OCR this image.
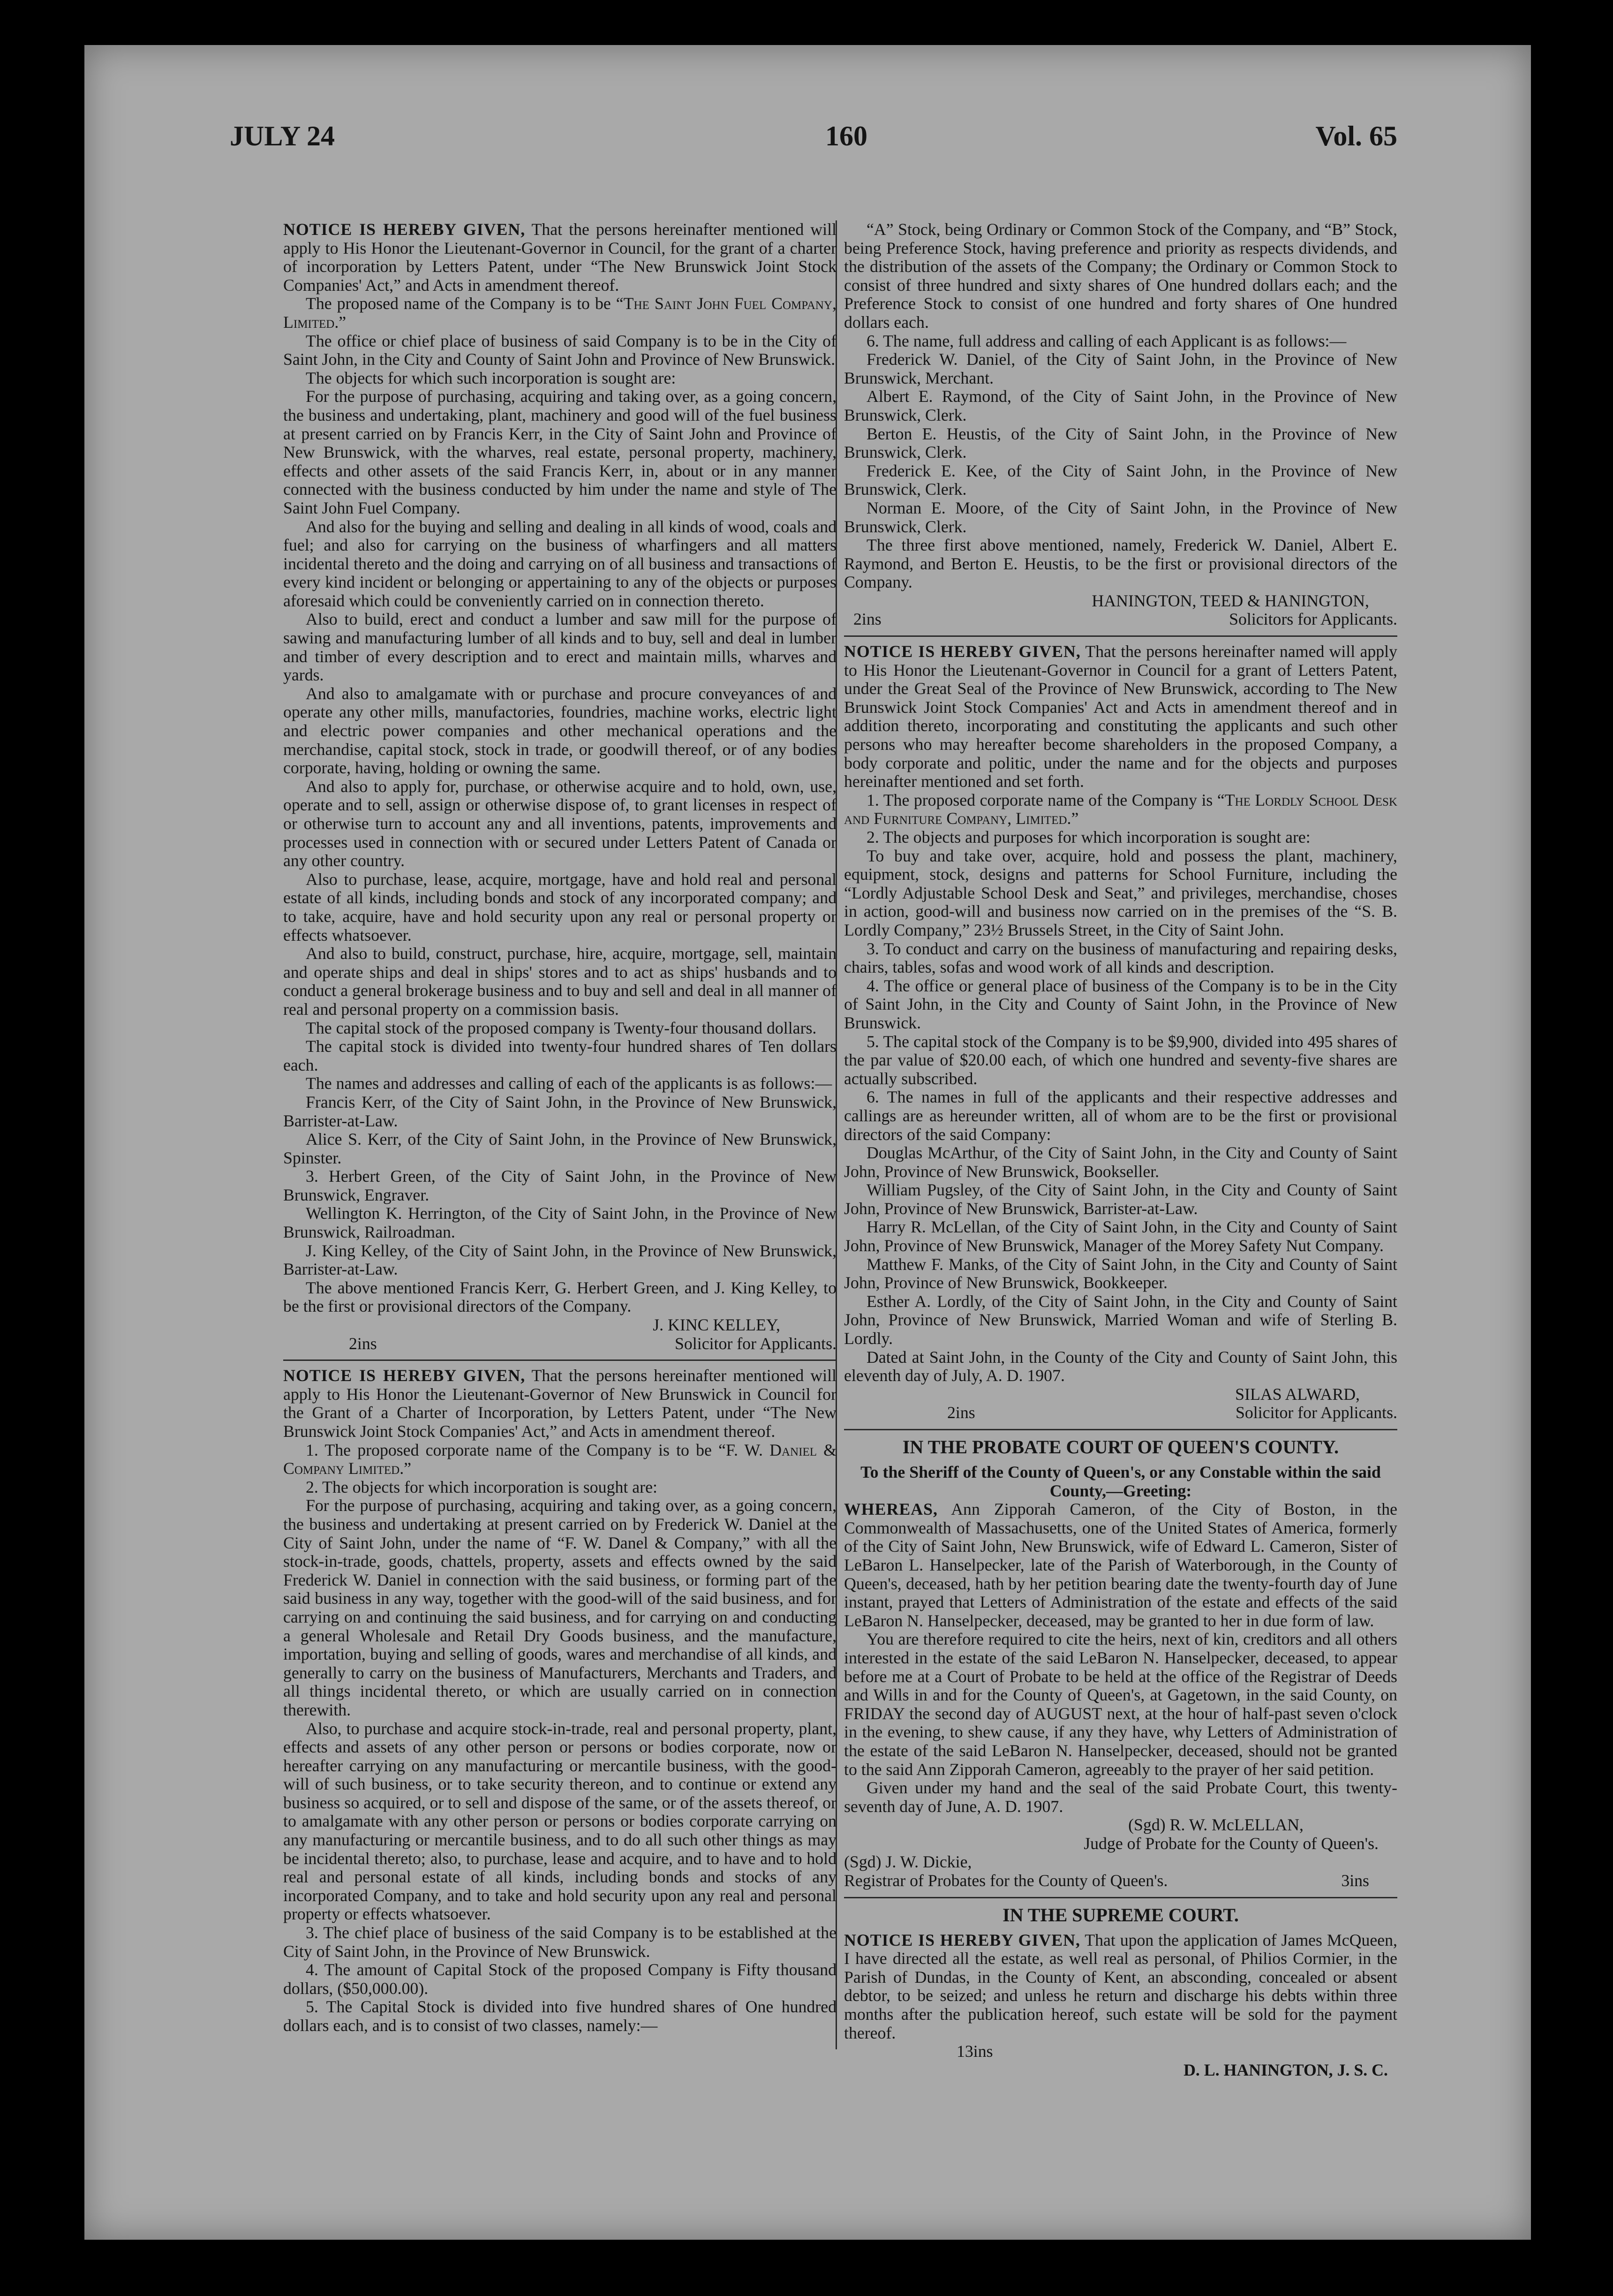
JULY 24	160	Vol. 65

NOTICE IS HEREBY GIVEN, That the persons hereinafter mentioned will apply to His Honor the Lieutenant-Governor in Council, for the grant of a charter of incorporation by Letters Patent, under “The New Brunswick Joint Stock Companies' Act,” and Acts in amendment thereof.

The proposed name of the Company is to be “The Saint John Fuel Company, Limited.”

The office or chief place of business of said Company is to be in the City of Saint John, in the City and County of Saint John and Province of New Brunswick.

The objects for which such incorporation is sought are:

For the purpose of purchasing, acquiring and taking over, as a going concern, the business and undertaking, plant, machinery and good will of the fuel business at present carried on by Francis Kerr, in the City of Saint John and Province of New Brunswick, with the wharves, real estate, personal property, machinery, effects and other assets of the said Francis Kerr, in, about or in any manner connected with the business conducted by him under the name and style of The Saint John Fuel Company.

And also for the buying and selling and dealing in all kinds of wood, coals and fuel; and also for carrying on the business of wharfingers and all matters incidental thereto and the doing and carrying on of all business and transactions of every kind incident or belonging or appertaining to any of the objects or purposes aforesaid which could be conveniently carried on in connection thereto.

Also to build, erect and conduct a lumber and saw mill for the purpose of sawing and manufacturing lumber of all kinds and to buy, sell and deal in lumber and timber of every description and to erect and maintain mills, wharves and yards.

And also to amalgamate with or purchase and procure conveyances of and operate any other mills, manufactories, foundries, machine works, electric light and electric power companies and other mechanical operations and the merchandise, capital stock, stock in trade, or goodwill thereof, or of any bodies corporate, having, holding or owning the same.

And also to apply for, purchase, or otherwise acquire and to hold, own, use, operate and to sell, assign or otherwise dispose of, to grant licenses in respect of or otherwise turn to account any and all inventions, patents, improvements and processes used in connection with or secured under Letters Patent of Canada or any other country.

Also to purchase, lease, acquire, mortgage, have and hold real and personal estate of all kinds, including bonds and stock of any incorporated company; and to take, acquire, have and hold security upon any real or personal property or effects whatsoever.

And also to build, construct, purchase, hire, acquire, mortgage, sell, maintain and operate ships and deal in ships' stores and to act as ships' husbands and to conduct a general brokerage business and to buy and sell and deal in all manner of real and personal property on a commission basis.

The capital stock of the proposed company is Twenty-four thousand dollars.

The capital stock is divided into twenty-four hundred shares of Ten dollars each.

The names and addresses and calling of each of the applicants is as follows:—

Francis Kerr, of the City of Saint John, in the Province of New Brunswick, Barrister-at-Law.

Alice S. Kerr, of the City of Saint John, in the Province of New Brunswick, Spinster.

3. Herbert Green, of the City of Saint John, in the Province of New Brunswick, Engraver.

Wellington K. Herrington, of the City of Saint John, in the Province of New Brunswick, Railroadman.

J. King Kelley, of the City of Saint John, in the Province of New Brunswick, Barrister-at-Law.

The above mentioned Francis Kerr, G. Herbert Green, and J. King Kelley, to be the first or provisional directors of the Company.

J. KINC KELLEY,

2ins	Solicitor for Applicants.

NOTICE IS HEREBY GIVEN, That the persons hereinafter mentioned will apply to His Honor the Lieutenant-Governor of New Brunswick in Council for the Grant of a Charter of Incorporation, by Letters Patent, under “The New Brunswick Joint Stock Companies' Act,” and Acts in amendment thereof.

1. The proposed corporate name of the Company is to be “F. W. Daniel & Company Limited.”

2. The objects for which incorporation is sought are:

For the purpose of purchasing, acquiring and taking over, as a going concern, the business and undertaking at present carried on by Frederick W. Daniel at the City of Saint John, under the name of “F. W. Danel & Company,” with all the stock-in-trade, goods, chattels, property, assets and effects owned by the said Frederick W. Daniel in connection with the said business, or forming part of the said business in any way, together with the good-will of the said business, and for carrying on and continuing the said business, and for carrying on and conducting a general Wholesale and Retail Dry Goods business, and the manufacture, importation, buying and selling of goods, wares and merchandise of all kinds, and generally to carry on the business of Manufacturers, Merchants and Traders, and all things incidental thereto, or which are usually carried on in connection therewith.

Also, to purchase and acquire stock-in-trade, real and personal property, plant, effects and assets of any other person or persons or bodies corporate, now or hereafter carrying on any manufacturing or mercantile business, with the good-will of such business, or to take security thereon, and to continue or extend any business so acquired, or to sell and dispose of the same, or of the assets thereof, or to amalgamate with any other person or persons or bodies corporate carrying on any manufacturing or mercantile business, and to do all such other things as may be incidental thereto; also, to purchase, lease and acquire, and to have and to hold real and personal estate of all kinds, including bonds and stocks of any incorporated Company, and to take and hold security upon any real and personal property or effects whatsoever.

3. The chief place of business of the said Company is to be established at the City of Saint John, in the Province of New Brunswick.

4. The amount of Capital Stock of the proposed Company is Fifty thousand dollars, ($50,000.00).

5. The Capital Stock is divided into five hundred shares of One hundred dollars each, and is to consist of two classes, namely:—

“A” Stock, being Ordinary or Common Stock of the Company, and “B” Stock, being Preference Stock, having preference and priority as respects dividends, and the distribution of the assets of the Company; the Ordinary or Common Stock to consist of three hundred and sixty shares of One hundred dollars each; and the Preference Stock to consist of one hundred and forty shares of One hundred dollars each.

6. The name, full address and calling of each Applicant is as follows:—

Frederick W. Daniel, of the City of Saint John, in the Province of New Brunswick, Merchant.

Albert E. Raymond, of the City of Saint John, in the Province of New Brunswick, Clerk.

Berton E. Heustis, of the City of Saint John, in the Province of New Brunswick, Clerk.

Frederick E. Kee, of the City of Saint John, in the Province of New Brunswick, Clerk.

Norman E. Moore, of the City of Saint John, in the Province of New Brunswick, Clerk.

The three first above mentioned, namely, Frederick W. Daniel, Albert E. Raymond, and Berton E. Heustis, to be the first or provisional directors of the Company.

HANINGTON, TEED & HANINGTON,

2ins	Solicitors for Applicants.

NOTICE IS HEREBY GIVEN, That the persons hereinafter named will apply to His Honor the Lieutenant-Governor in Council for a grant of Letters Patent, under the Great Seal of the Province of New Brunswick, according to The New Brunswick Joint Stock Companies' Act and Acts in amendment thereof and in addition thereto, incorporating and constituting the applicants and such other persons who may hereafter become shareholders in the proposed Company, a body corporate and politic, under the name and for the objects and purposes hereinafter mentioned and set forth.

1. The proposed corporate name of the Company is “The Lordly School Desk and Furniture Company, Limited.”

2. The objects and purposes for which incorporation is sought are:

To buy and take over, acquire, hold and possess the plant, machinery, equipment, stock, designs and patterns for School Furniture, including the “Lordly Adjustable School Desk and Seat,” and privileges, merchandise, choses in action, good-will and business now carried on in the premises of the “S. B. Lordly Company,” 23½ Brussels Street, in the City of Saint John.

3. To conduct and carry on the business of manufacturing and repairing desks, chairs, tables, sofas and wood work of all kinds and description.

4. The office or general place of business of the Company is to be in the City of Saint John, in the City and County of Saint John, in the Province of New Brunswick.

5. The capital stock of the Company is to be $9,900, divided into 495 shares of the par value of $20.00 each, of which one hundred and seventy-five shares are actually subscribed.

6. The names in full of the applicants and their respective addresses and callings are as hereunder written, all of whom are to be the first or provisional directors of the said Company:

Douglas McArthur, of the City of Saint John, in the City and County of Saint John, Province of New Brunswick, Bookseller.

William Pugsley, of the City of Saint John, in the City and County of Saint John, Province of New Brunswick, Barrister-at-Law.

Harry R. McLellan, of the City of Saint John, in the City and County of Saint John, Province of New Brunswick, Manager of the Morey Safety Nut Company.

Matthew F. Manks, of the City of Saint John, in the City and County of Saint John, Province of New Brunswick, Bookkeeper.

Esther A. Lordly, of the City of Saint John, in the City and County of Saint John, Province of New Brunswick, Married Woman and wife of Sterling B. Lordly.

Dated at Saint John, in the County of the City and County of Saint John, this eleventh day of July, A. D. 1907.

SILAS ALWARD,

2ins	Solicitor for Applicants.
IN THE PROBATE COURT OF QUEEN'S COUNTY.

To the Sheriff of the County of Queen's, or any Constable within the said County,—Greeting:

WHEREAS, Ann Zipporah Cameron, of the City of Boston, in the Commonwealth of Massachusetts, one of the United States of America, formerly of the City of Saint John, New Brunswick, wife of Edward L. Cameron, Sister of LeBaron L. Hanselpecker, late of the Parish of Waterborough, in the County of Queen's, deceased, hath by her petition bearing date the twenty-fourth day of June instant, prayed that Letters of Administration of the estate and effects of the said LeBaron N. Hanselpecker, deceased, may be granted to her in due form of law.

You are therefore required to cite the heirs, next of kin, creditors and all others interested in the estate of the said LeBaron N. Hanselpecker, deceased, to appear before me at a Court of Probate to be held at the office of the Registrar of Deeds and Wills in and for the County of Queen's, at Gagetown, in the said County, on FRIDAY the second day of AUGUST next, at the hour of half-past seven o'clock in the evening, to shew cause, if any they have, why Letters of Administration of the estate of the said LeBaron N. Hanselpecker, deceased, should not be granted to the said Ann Zipporah Cameron, agreeably to the prayer of her said petition.

Given under my hand and the seal of the said Probate Court, this twenty-seventh day of June, A. D. 1907.

(Sgd) R. W. McLELLAN,

Judge of Probate for the County of Queen's.

(Sgd) J. W. Dickie,

Registrar of Probates for the County of Queen's.	3ins
IN THE SUPREME COURT.

NOTICE IS HEREBY GIVEN, That upon the application of James McQueen, I have directed all the estate, as well real as personal, of Philios Cormier, in the Parish of Dundas, in the County of Kent, an absconding, concealed or absent debtor, to be seized; and unless he return and discharge his debts within three months after the publication hereof, such estate will be sold for the payment thereof.

13ins

D. L. HANINGTON, J. S. C.
